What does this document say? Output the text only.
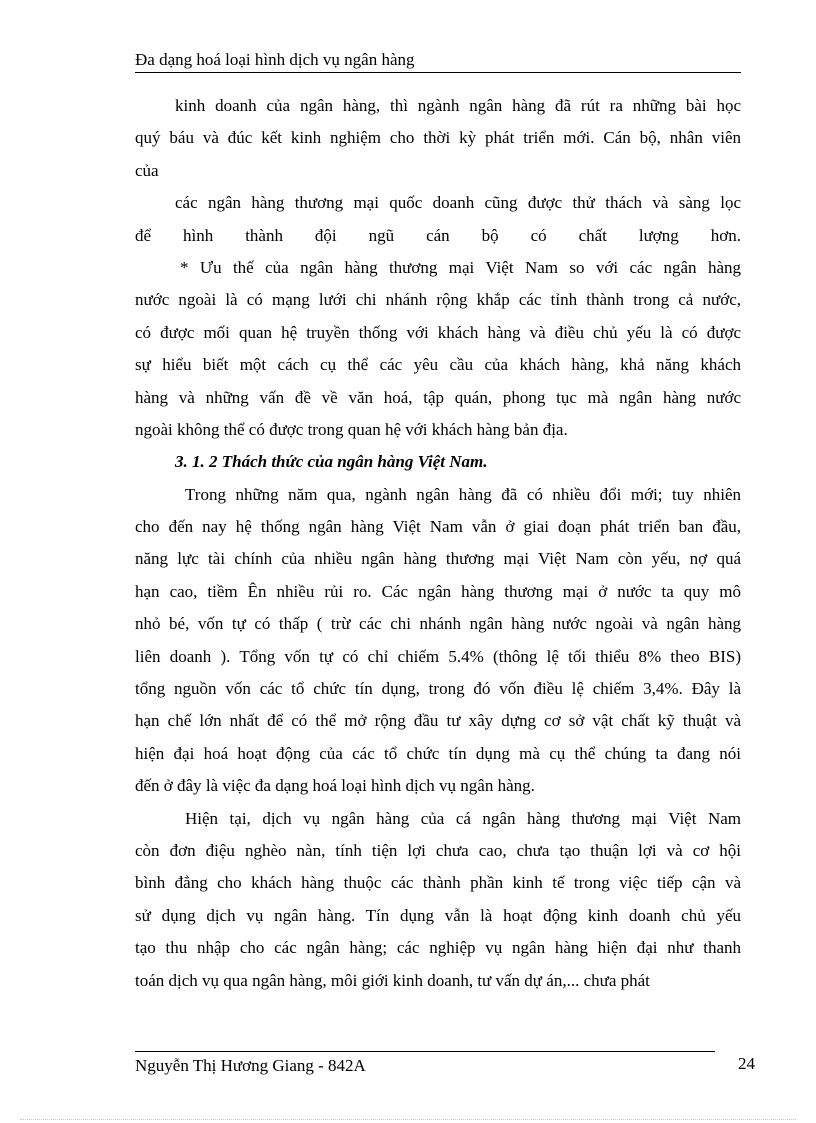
Đa dạng hoá loại hình dịch vụ ngân hàng
kinh doanh của ngân hàng, thì ngành ngân hàng đã rút ra những bài học
quý báu và đúc kết kinh nghiệm cho thời kỳ phát triển mới. Cán bộ, nhân viên
của
các ngân hàng thương mại quốc doanh cũng được thử thách và sàng lọc
để hình thành đội ngũ cán bộ có chất lượng hơn.
* Ưu thế của ngân hàng thương mại Việt Nam so với các ngân hàng
nước ngoài là có mạng lưới chi nhánh rộng khắp các tỉnh thành trong cả nước,
có được mối quan hệ truyền thống với khách hàng và điều chủ yếu là có được
sự hiểu biết một cách cụ thể các yêu cầu của khách hàng, khả năng khách
hàng và những vấn đề về văn hoá, tập quán, phong tục mà ngân hàng nước
ngoài không thể có được trong quan hệ với khách hàng bản địa.
3. 1. 2 Thách thức của ngân hàng Việt Nam.
Trong những năm qua, ngành ngân hàng đã có nhiều đổi mới; tuy nhiên
cho đến nay hệ thống ngân hàng Việt Nam vẫn ở giai đoạn phát triển ban đầu,
năng lực tài chính của nhiều ngân hàng thương mại Việt Nam còn yếu, nợ quá
hạn cao, tiềm Ên nhiều rủi ro. Các ngân hàng thương mại ở nước ta quy mô
nhỏ bé, vốn tự có thấp ( trừ các chi nhánh ngân hàng nước ngoài và ngân hàng
liên doanh ). Tổng vốn tự có chỉ chiếm 5.4% (thông lệ tối thiểu 8% theo BIS)
tổng nguồn vốn các tổ chức tín dụng, trong đó vốn điều lệ chiếm 3,4%. Đây là
hạn chế lớn nhất để có thể mở rộng đầu tư xây dựng cơ sở vật chất kỹ thuật và
hiện đại hoá hoạt động của các tổ chức tín dụng mà cụ thể chúng ta đang nói
đến ở đây là việc đa dạng hoá loại hình dịch vụ ngân hàng.
Hiện tại, dịch vụ ngân hàng của cá ngân hàng thương mại Việt Nam
còn đơn điệu nghèo nàn, tính tiện lợi chưa cao, chưa tạo thuận lợi và cơ hội
bình đẳng cho khách hàng thuộc các thành phần kinh tế trong việc tiếp cận và
sử dụng dịch vụ ngân hàng. Tín dụng vẫn là hoạt động kinh doanh chủ yếu
tạo thu nhập cho các ngân hàng; các nghiệp vụ ngân hàng hiện đại như thanh
toán dịch vụ qua ngân hàng, môi giới kinh doanh, tư vấn dự án,... chưa phát
Nguyễn Thị Hương Giang - 842A	24
